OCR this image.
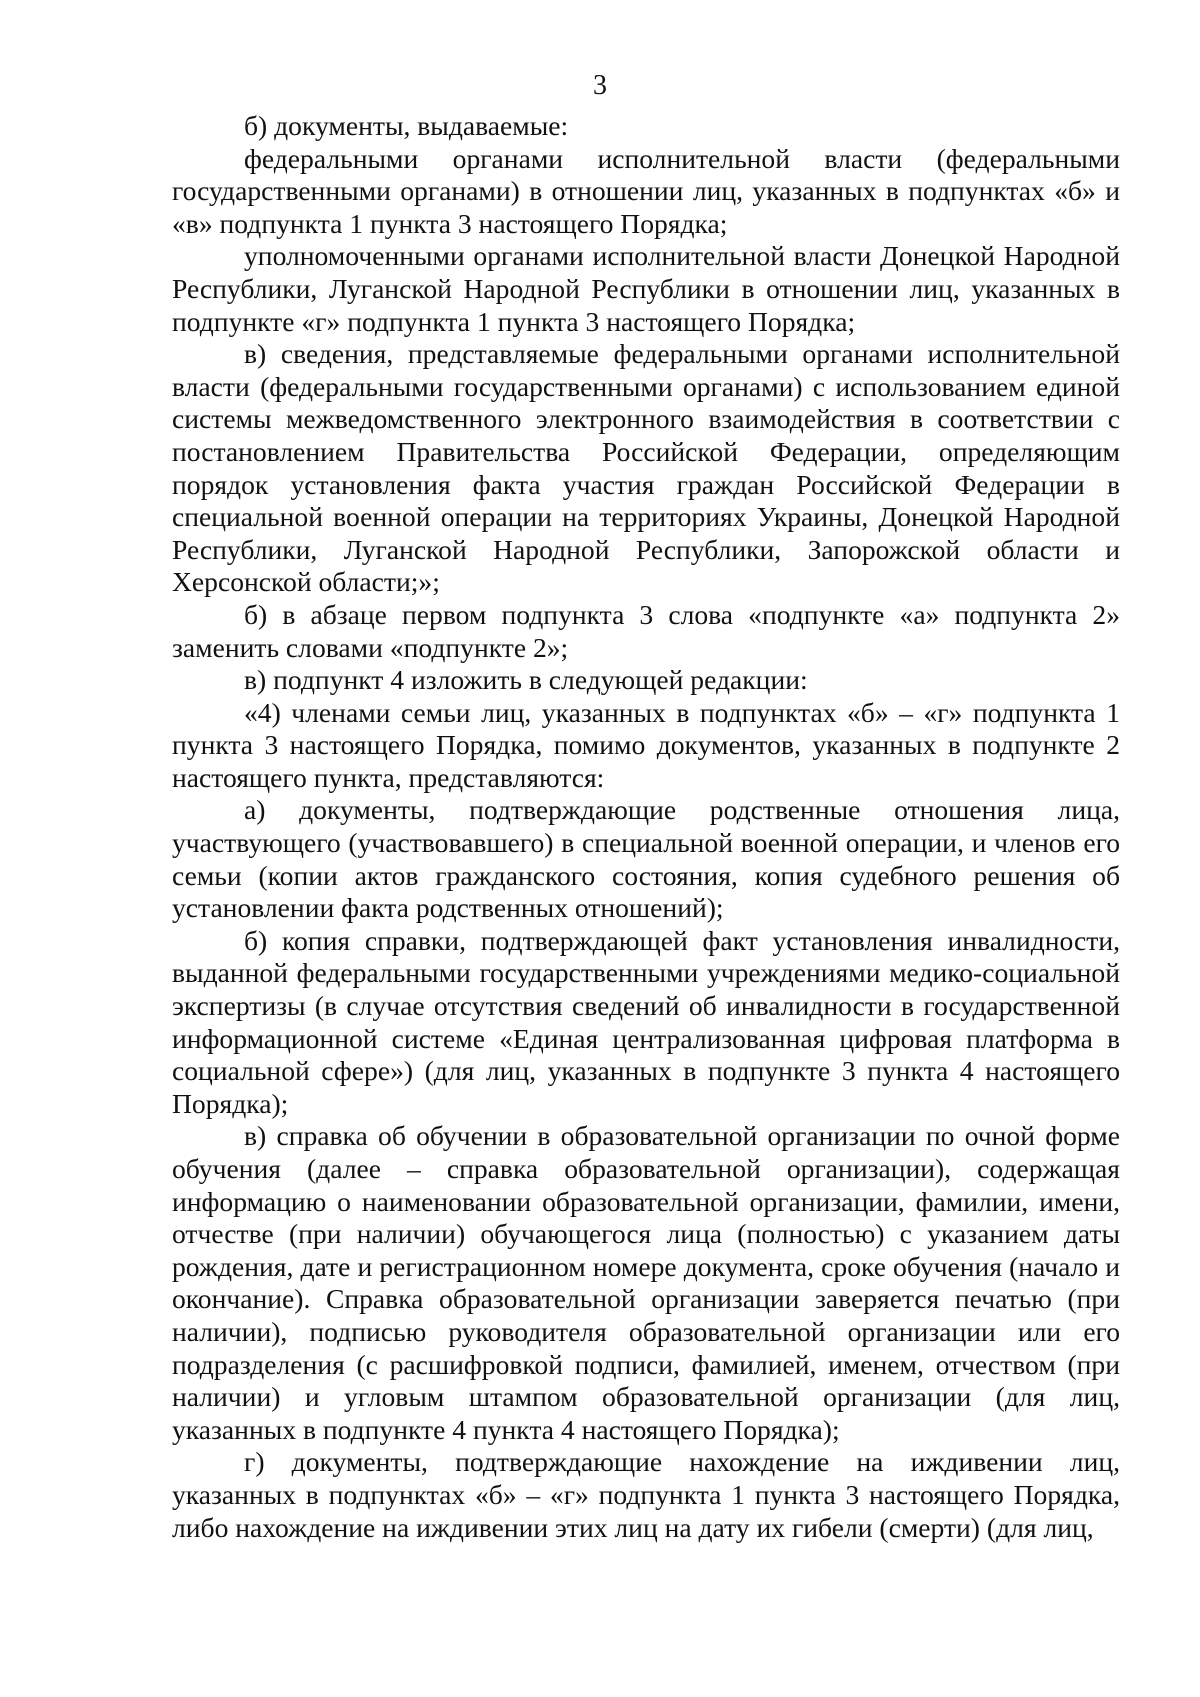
3

б) документы, выдаваемые:

федеральными органами исполнительной власти (федеральными государственными органами) в отношении лиц, указанных в подпунктах «б» и «в» подпункта 1 пункта 3 настоящего Порядка;

уполномоченными органами исполнительной власти Донецкой Народной Республики, Луганской Народной Республики в отношении лиц, указанных в подпункте «г» подпункта 1 пункта 3 настоящего Порядка;

в) сведения, представляемые федеральными органами исполнительной власти (федеральными государственными органами) с использованием единой системы межведомственного электронного взаимодействия в соответствии с постановлением Правительства Российской Федерации, определяющим порядок установления факта участия граждан Российской Федерации в специальной военной операции на территориях Украины, Донецкой Народной Республики, Луганской Народной Республики, Запорожской области и Херсонской области;»;

б) в абзаце первом подпункта 3 слова «подпункте «а» подпункта 2» заменить словами «подпункте 2»;

в) подпункт 4 изложить в следующей редакции:

«4) членами семьи лиц, указанных в подпунктах «б» – «г» подпункта 1 пункта 3 настоящего Порядка, помимо документов, указанных в подпункте 2 настоящего пункта, представляются:

а) документы, подтверждающие родственные отношения лица, участвующего (участвовавшего) в специальной военной операции, и членов его семьи (копии актов гражданского состояния, копия судебного решения об установлении факта родственных отношений);

б) копия справки, подтверждающей факт установления инвалидности, выданной федеральными государственными учреждениями медико-социальной экспертизы (в случае отсутствия сведений об инвалидности в государственной информационной системе «Единая централизованная цифровая платформа в социальной сфере») (для лиц, указанных в подпункте 3 пункта 4 настоящего Порядка);

в) справка об обучении в образовательной организации по очной форме обучения (далее – справка образовательной организации), содержащая информацию о наименовании образовательной организации, фамилии, имени, отчестве (при наличии) обучающегося лица (полностью) с указанием даты рождения, дате и регистрационном номере документа, сроке обучения (начало и окончание). Справка образовательной организации заверяется печатью (при наличии), подписью руководителя образовательной организации или его подразделения (с расшифровкой подписи, фамилией, именем, отчеством (при наличии) и угловым штампом образовательной организации (для лиц, указанных в подпункте 4 пункта 4 настоящего Порядка);

г) документы, подтверждающие нахождение на иждивении лиц, указанных в подпунктах «б» – «г» подпункта 1 пункта 3 настоящего Порядка, либо нахождение на иждивении этих лиц на дату их гибели (смерти) (для лиц,
